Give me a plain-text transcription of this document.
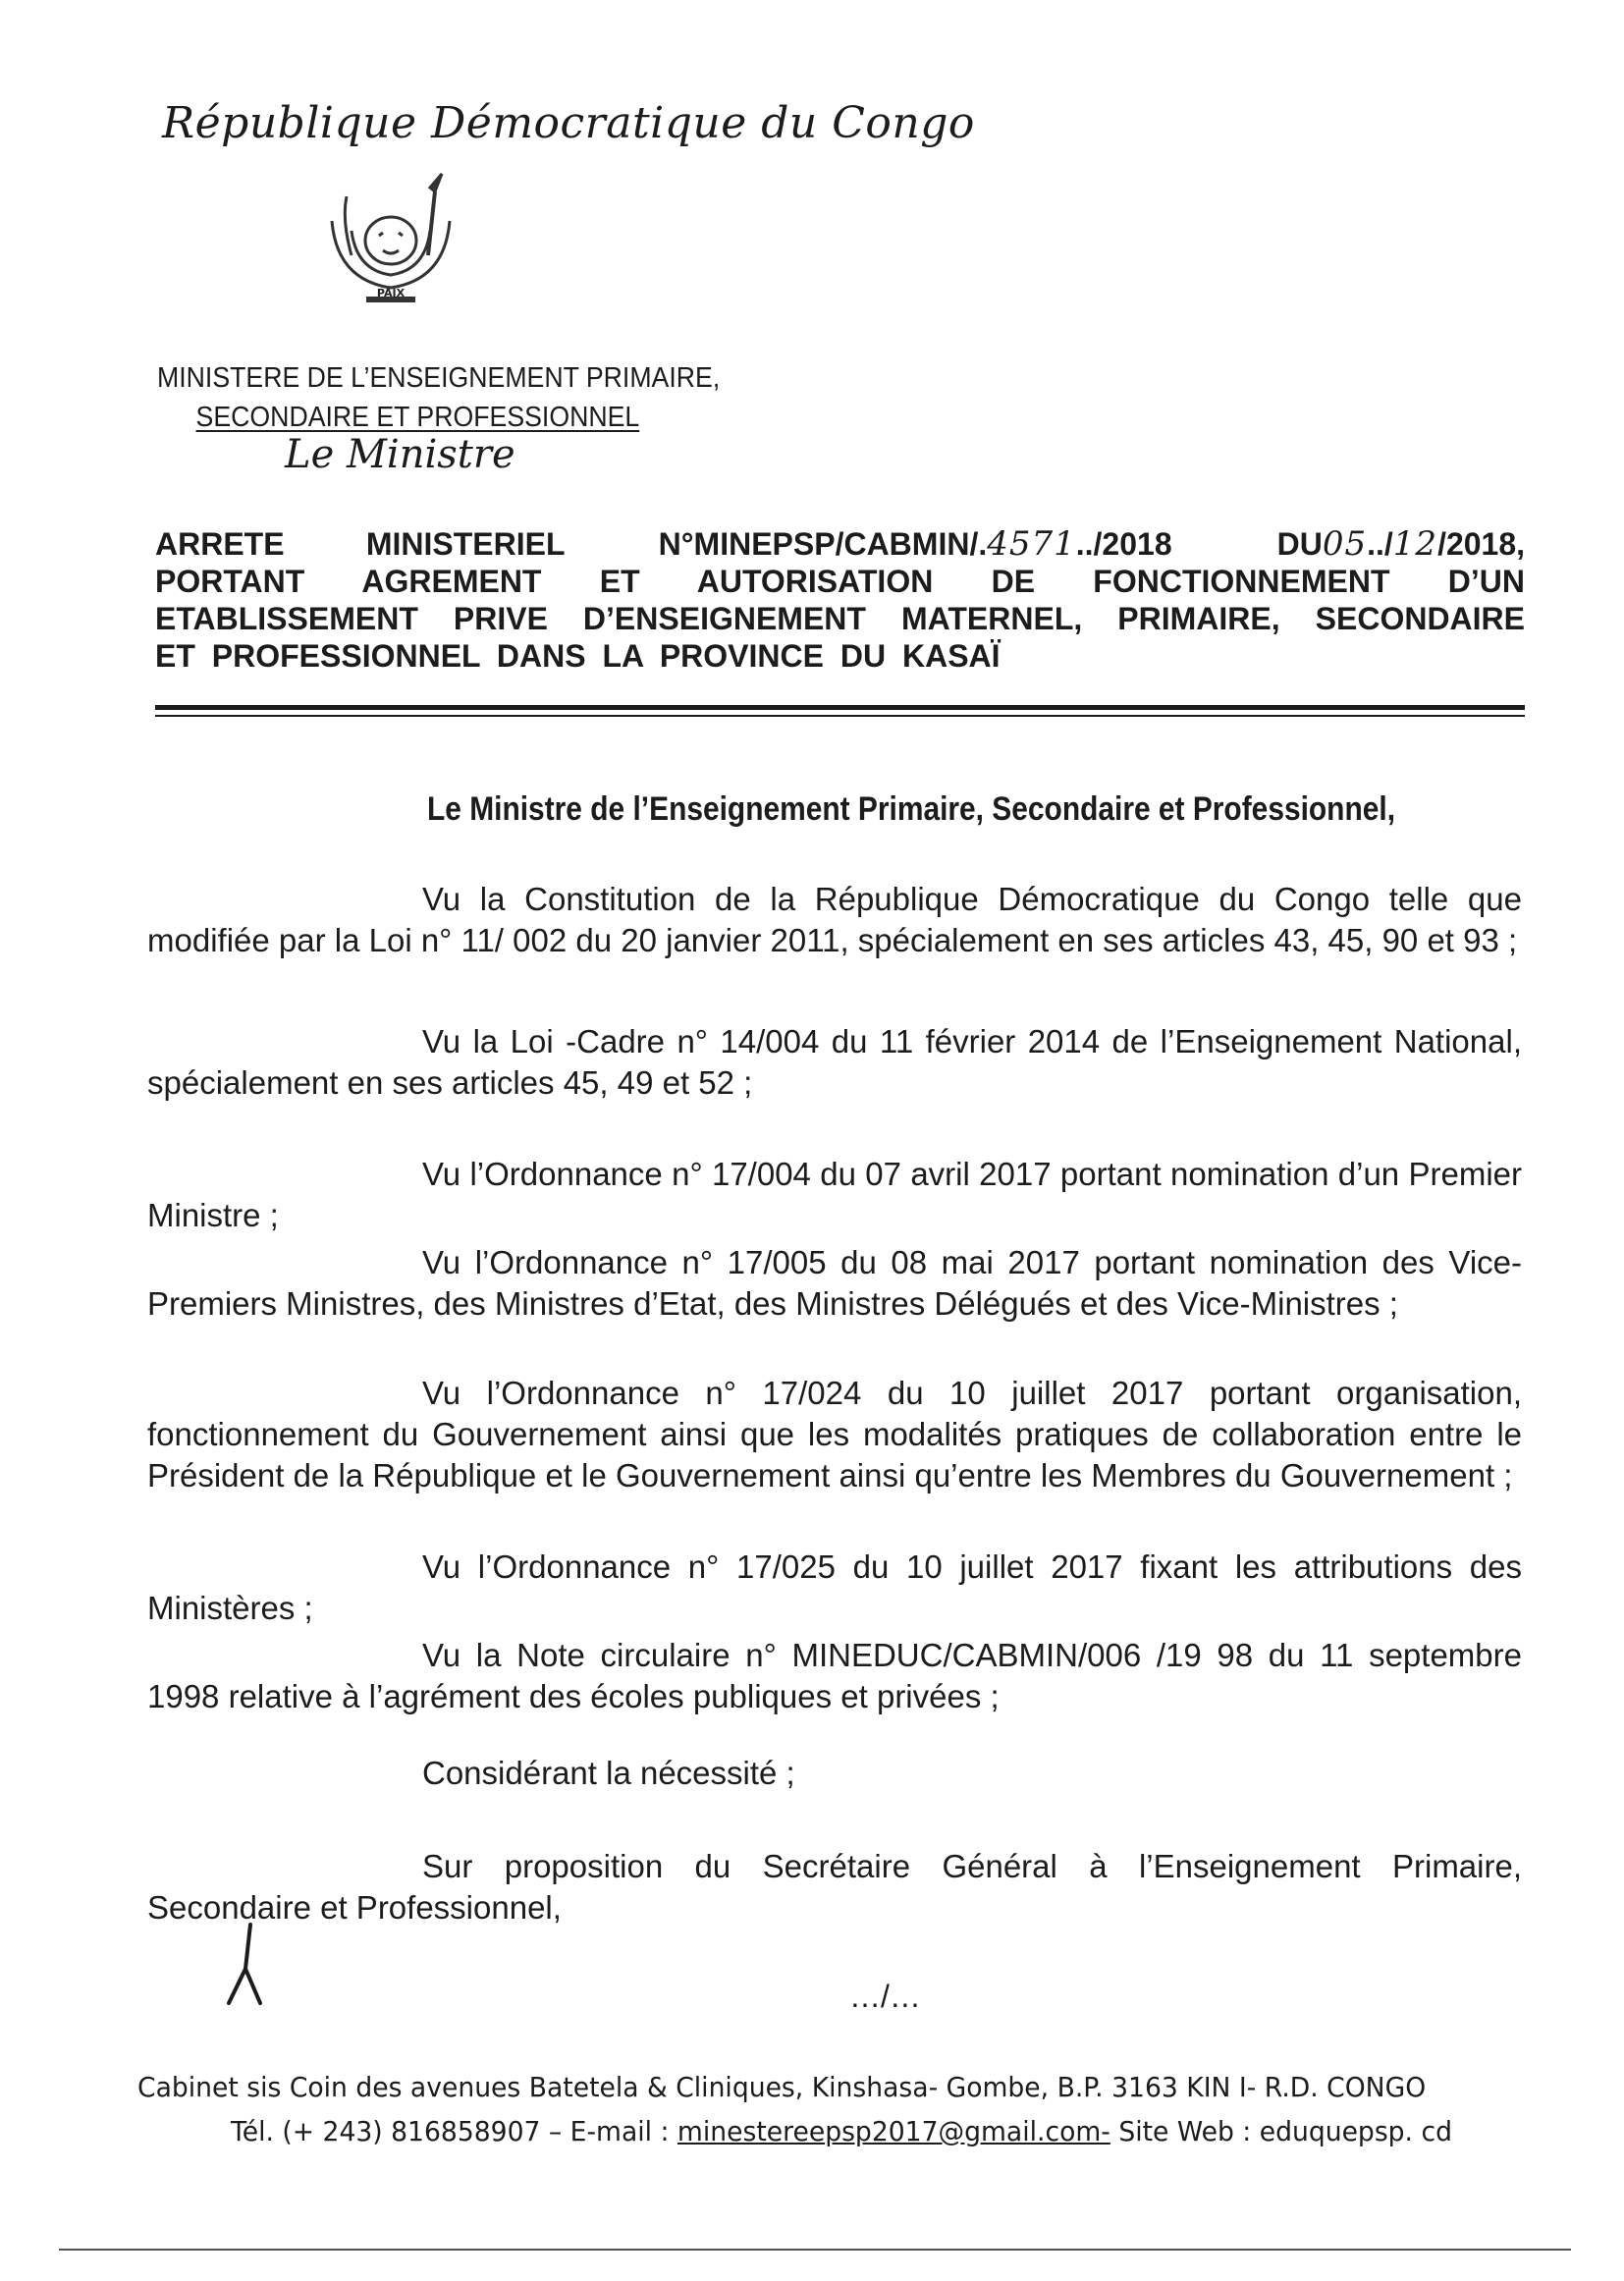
République Démocratique du Congo
PAIX
MINISTERE DE L’ENSEIGNEMENT PRIMAIRE,
SECONDAIRE ET PROFESSIONNEL
Le Ministre
ARRETE	MINISTERIEL	N°MINEPSP/CABMIN/.4571../2018	DU05../12/2018,
PORTANT AGREMENT ET AUTORISATION DE FONCTIONNEMENT D’UN
ETABLISSEMENT PRIVE D’ENSEIGNEMENT MATERNEL, PRIMAIRE, SECONDAIRE
ET PROFESSIONNEL DANS LA PROVINCE DU KASAÏ
Le Ministre de l’Enseignement Primaire, Secondaire et Professionnel,
Vu la Constitution de la République Démocratique du Congo telle que
modifiée par la Loi n° 11/ 002 du 20 janvier 2011, spécialement en ses articles 43, 45, 90 et 93 ;
Vu la Loi -Cadre n° 14/004 du 11 février 2014 de l’Enseignement National,
spécialement en ses articles 45, 49 et 52 ;
Vu l’Ordonnance n° 17/004 du 07 avril 2017 portant nomination d’un Premier
Ministre ;
Vu l’Ordonnance n° 17/005 du 08 mai 2017 portant nomination des Vice-
Premiers Ministres, des Ministres d’Etat, des Ministres Délégués et des Vice-Ministres ;
Vu l’Ordonnance n° 17/024 du 10 juillet 2017 portant organisation,
fonctionnement du Gouvernement ainsi que les modalités pratiques de collaboration entre le Président de la République et le Gouvernement ainsi qu’entre les Membres du Gouvernement ;
Vu l’Ordonnance n° 17/025 du 10 juillet 2017 fixant les attributions des
Ministères ;
Vu la Note circulaire n° MINEDUC/CABMIN/006 /19 98 du 11 septembre
1998 relative à l’agrément des écoles publiques et privées ;
Considérant la nécessité ;
Sur proposition du Secrétaire Général à l’Enseignement Primaire,
Secondaire et Professionnel,
…/…
Cabinet sis Coin des avenues Batetela & Cliniques, Kinshasa- Gombe, B.P. 3163 KIN I- R.D. CONGO
Tél. (+ 243) 816858907 – E-mail : minestereepsp2017@gmail.com- Site Web : eduquepsp. cd
